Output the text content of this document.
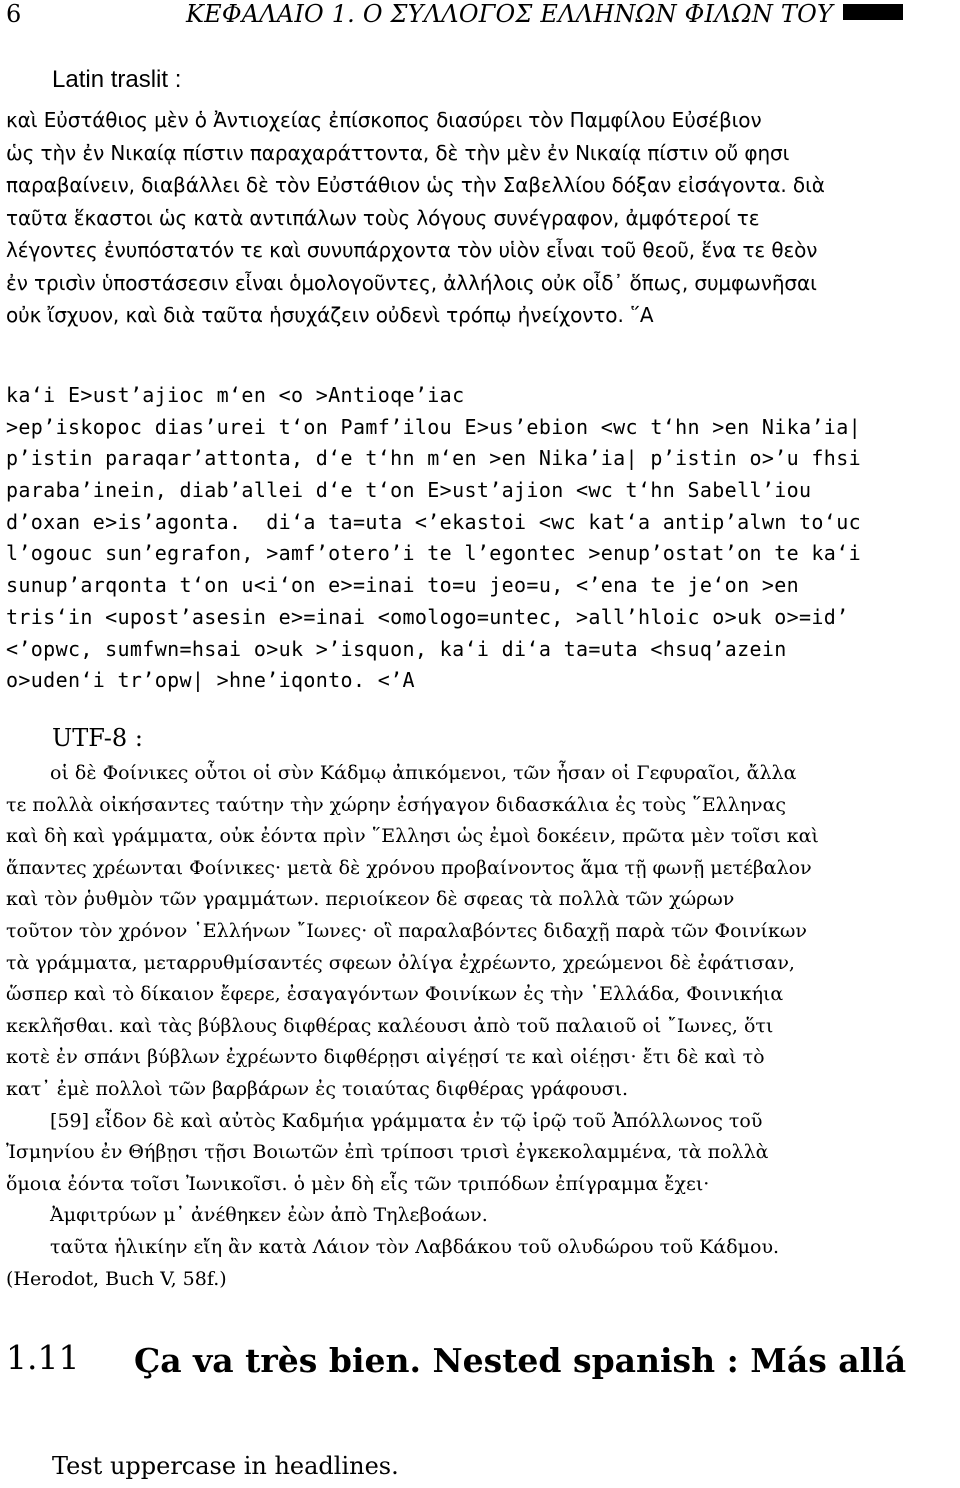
6	ΚΕΦΑΛΑΙΟ 1. Ο ΣΥΛΛΟΓΟΣ ΕΛΛΗΝΩΝ ΦΙΛΩΝ ΤΟΥ
Latin traslit :
καὶ Εὐστάθιος μὲν ὁ Ἀντιοχείας ἐπίσκοπος διασύρει τὸν Παμφίλου Εὐσέβιον
ὡς τὴν ἐν Νικαίᾳ πίστιν παραχαράττοντα, δὲ τὴν μὲν ἐν Νικαίᾳ πίστιν οὔ φησι
παραβαίνειν, διαβάλλει δὲ τὸν Εὐστάθιον ὡς τὴν Σαβελλίου δόξαν εἰσάγοντα. διὰ
ταῦτα ἕκαστοι ὡς κατὰ αντιπάλων τοὺς λόγους συνέγραφον, ἀμφότεροί τε
λέγοντες ἐνυπόστατόν τε καὶ συνυπάρχοντα τὸν υἱὸν εἶναι τοῦ θεοῦ, ἕνα τε θεὸν
ἐν τρισὶν ὑποστάσεσιν εἶναι ὁμολογοῦντες, ἀλλήλοις οὐκ οἶδ᾽ ὅπως, συμφωνῆσαι
οὐκ ἴσχυον, καὶ διὰ ταῦτα ἡσυχάζειν οὐδενὶ τρόπῳ ἠνείχοντο. ῞Α
ka‘i E>ust’ajioc m‘en <o >Antioqe’iac
>ep’iskopoc dias’urei t‘on Pamf’ilou E>us’ebion <wc t‘hn >en Nika’ia|
p’istin paraqar’attonta, d‘e t‘hn m‘en >en Nika’ia| p’istin o>’u fhsi
paraba’inein, diab’allei d‘e t‘on E>ust’ajion <wc t‘hn Sabell’iou
d’oxan e>is’agonta.  di‘a ta=uta <’ekastoi <wc kat‘a antip’alwn to‘uc
l’ogouc sun’egrafon, >amf’otero’i te l’egontec >enup’ostat’on te ka‘i
sunup’arqonta t‘on u<i‘on e>=inai to=u jeo=u, <’ena te je‘on >en
tris‘in <upost’asesin e>=inai <omologo=untec, >all’hloic o>uk o>=id’
<’opwc, sumfwn=hsai o>uk >’isquon, ka‘i di‘a ta=uta <hsuq’azein
o>uden‘i tr’opw| >hne’iqonto. <’A
UTF-8 :
οἱ δὲ Φοίνικες οὗτοι οἱ σὺν Κάδμῳ ἀπικόμενοι, τῶν ἦσαν οἱ Γεφυραῖοι, ἄλλα
τε πολλὰ οἰκήσαντες ταύτην τὴν χώρην ἐσήγαγον διδασκάλια ἐς τοὺς ῞Ελληνας
καὶ δὴ καὶ γράμματα, οὐκ ἐόντα πρὶν ῞Ελλησι ὡς ἐμοὶ δοκέειν, πρῶτα μὲν τοῖσι καὶ
ἅπαντες χρέωνται Φοίνικες· μετὰ δὲ χρόνου προβαίνοντος ἅμα τῇ φωνῇ μετέβαλον
καὶ τὸν ῥυθμὸν τῶν γραμμάτων. περιοίκεον δὲ σφεας τὰ πολλὰ τῶν χώρων
τοῦτον τὸν χρόνον ῾Ελλήνων ῎Ιωνες· οἳ παραλαβόντες διδαχῇ παρὰ τῶν Φοινίκων
τὰ γράμματα, μεταρρυθμίσαντές σφεων ὀλίγα ἐχρέωντο, χρεώμενοι δὲ ἐφάτισαν,
ὥσπερ καὶ τὸ δίκαιον ἔφερε, ἐσαγαγόντων Φοινίκων ἐς τὴν ῾Ελλάδα, Φοινικήια
κεκλῆσθαι. καὶ τὰς βύβλους διφθέρας καλέουσι ἀπὸ τοῦ παλαιοῦ οἱ ῎Ιωνες, ὅτι
κοτὲ ἐν σπάνι βύβλων ἐχρέωντο διφθέρῃσι αἰγέῃσί τε καὶ οἰέῃσι· ἔτι δὲ καὶ τὸ
κατ᾽ ἐμὲ πολλοὶ τῶν βαρβάρων ἐς τοιαύτας διφθέρας γράφουσι.
[59] εἶδον δὲ καὶ αὐτὸς Καδμήια γράμματα ἐν τῷ ἱρῷ τοῦ Ἀπόλλωνος τοῦ
Ἰσμηνίου ἐν Θήβῃσι τῇσι Βοιωτῶν ἐπὶ τρίποσι τρισὶ ἐγκεκολαμμένα, τὰ πολλὰ
ὅμοια ἐόντα τοῖσι Ἰωνικοῖσι. ὁ μὲν δὴ εἷς τῶν τριπόδων ἐπίγραμμα ἔχει·
Ἀμφιτρύων μ᾽ ἀνέθηκεν ἐὼν ἀπὸ Τηλεβοάων.
ταῦτα ἡλικίην εἴη ἂν κατὰ Λάιον τὸν Λαβδάκου τοῦ ολυδώρου τοῦ Κάδμου.
(Herodot, Buch V, 58f.)
1.11 Ça va très bien. Nested spanish : Más allá
Test uppercase in headlines.
